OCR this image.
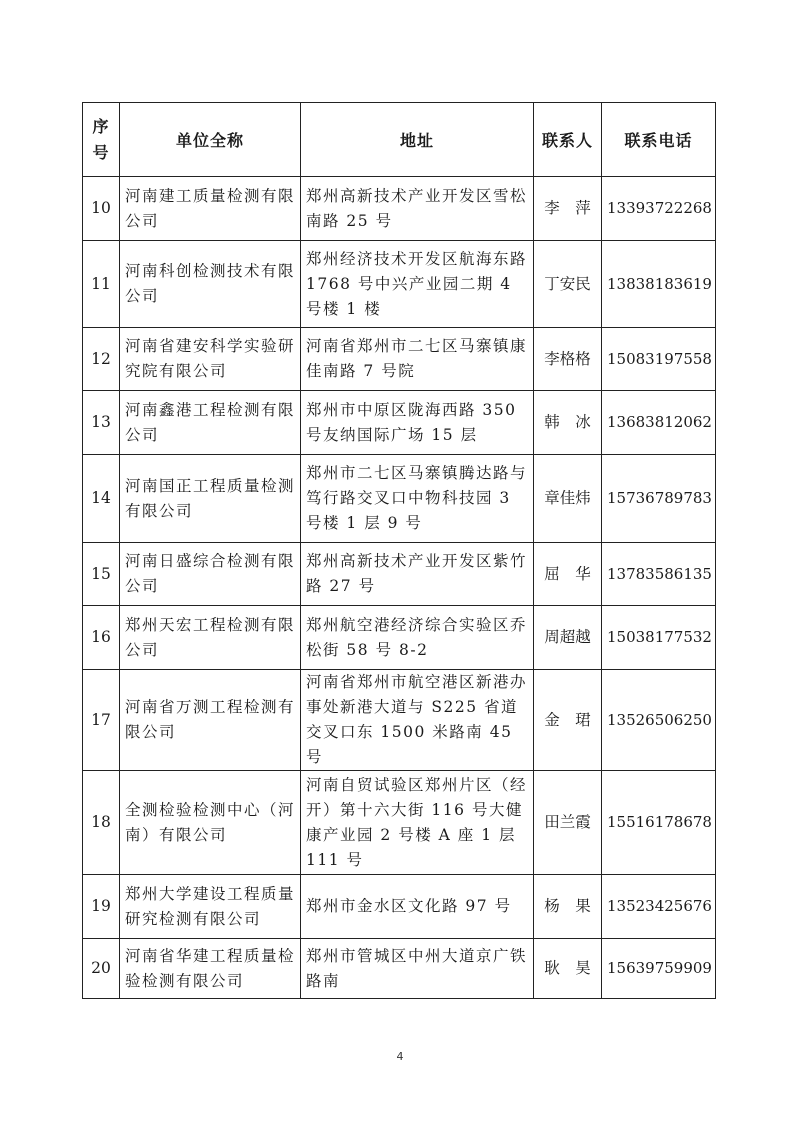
序号	单位全称	地址	联系人	联系电话
10	河南建工质量检测有限公司	郑州高新技术产业开发区雪松南路 25 号	李　萍	13393722268
11	河南科创检测技术有限公司	郑州经济技术开发区航海东路 1768 号中兴产业园二期 4 号楼 1 楼	丁安民	13838183619
12	河南省建安科学实验研究院有限公司	河南省郑州市二七区马寨镇康佳南路 7 号院	李格格	15083197558
13	河南鑫港工程检测有限公司	郑州市中原区陇海西路 350 号友纳国际广场 15 层	韩　冰	13683812062
14	河南国正工程质量检测有限公司	郑州市二七区马寨镇腾达路与笃行路交叉口中物科技园 3 号楼 1 层 9 号	章佳炜	15736789783
15	河南日盛综合检测有限公司	郑州高新技术产业开发区紫竹路 27 号	屈　华	13783586135
16	郑州天宏工程检测有限公司	郑州航空港经济综合实验区乔松街 58 号 8-2	周超越	15038177532
17	河南省万测工程检测有限公司	河南省郑州市航空港区新港办事处新港大道与 S225 省道交叉口东 1500 米路南 45 号	金　珺	13526506250
18	全测检验检测中心（河南）有限公司	河南自贸试验区郑州片区（经开）第十六大街 116 号大健康产业园 2 号楼 A 座 1 层 111 号	田兰霞	15516178678
19	郑州大学建设工程质量研究检测有限公司	郑州市金水区文化路 97 号	杨　果	13523425676
20	河南省华建工程质量检验检测有限公司	郑州市管城区中州大道京广铁路南	耿　昊	15639759909
4
